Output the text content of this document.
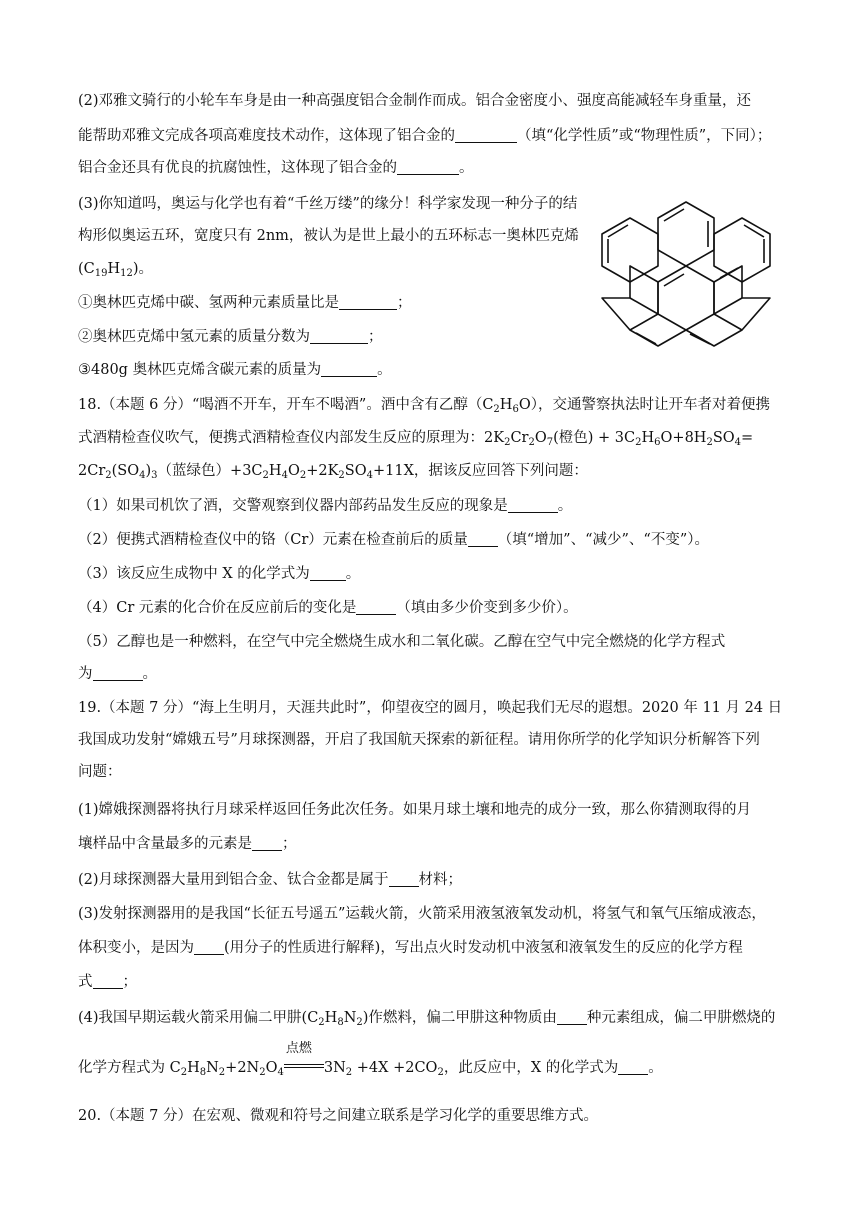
(2)邓雅文骑行的小轮车车身是由一种高强度铝合金制作而成。铝合金密度小、强度高能减轻车身重量，还
能帮助邓雅文完成各项高难度技术动作，这体现了铝合金的	（填“化学性质”或“物理性质”，下同）；
铝合金还具有优良的抗腐蚀性，这体现了铝合金的	。
(3)你知道吗，奥运与化学也有着“千丝万缕”的缘分！科学家发现一种分子的结
构形似奥运五环，宽度只有 2nm，被认为是世上最小的五环标志一奥林匹克烯
$(C_{19}H_{12})$。
①奥林匹克烯中碳、氢两种元素质量比是	；
②奥林匹克烯中氢元素的质量分数为	；
③480g 奥林匹克烯含碳元素的质量为	。
18.（本题 6 分）“喝酒不开车，开车不喝酒”。酒中含有乙醇$(C_2H_6O)$，交通警察执法时让开车者对着便携
式酒精检查仪吹气，便携式酒精检查仪内部发生反应的原理为：$2K_2Cr_2O_7$(橙色) + $3C_2H_6O+8H_2SO_4=$
$2Cr_2(SO_4)_3$（蓝绿色）$+3C_2H_4O_2+2K_2SO_4+11X$，据该反应回答下列问题：
（1）如果司机饮了酒，交警观察到仪器内部药品发生反应的现象是	。
（2）便携式酒精检查仪中的铬（Cr）元素在检查前后的质量 （填“增加”、“减少”、“不变”）。
（3）该反应生成物中 X 的化学式为 。
（4）Cr 元素的化合价在反应前后的变化是	（填由多少价变到多少价）。
（5）乙醇也是一种燃料，在空气中完全燃烧生成水和二氧化碳。乙醇在空气中完全燃烧的化学方程式
为	。
19.（本题 7 分）“海上生明月，天涯共此时”，仰望夜空的圆月，唤起我们无尽的遐想。2020 年 11 月 24 日
我国成功发射“嫦娥五号”月球探测器，开启了我国航天探索的新征程。请用你所学的化学知识分析解答下列
问题：
(1)嫦娥探测器将执行月球采样返回任务此次任务。如果月球土壤和地壳的成分一致，那么你猜测取得的月
壤样品中含量最多的元素是 ；
(2)月球探测器大量用到铝合金、钛合金都是属于 材料；
(3)发射探测器用的是我国“长征五号遥五”运载火箭，火箭采用液氢液氧发动机，将氢气和氧气压缩成液态，
体积变小，是因为 (用分子的性质进行解释)，写出点火时发动机中液氢和液氧发生的反应的化学方程
式 ；
(4)我国早期运载火箭采用偏二甲肼$(C_2H_8N_2)$作燃料，偏二甲肼这种物质由 种元素组成，偏二甲肼燃烧的
化学方程式为 $C_2H_8N_2+2N_2O_4$
点燃
$3N_2 +4X +2CO_2$，此反应中，X 的化学式为 。
20.（本题 7 分）在宏观、微观和符号之间建立联系是学习化学的重要思维方式。
